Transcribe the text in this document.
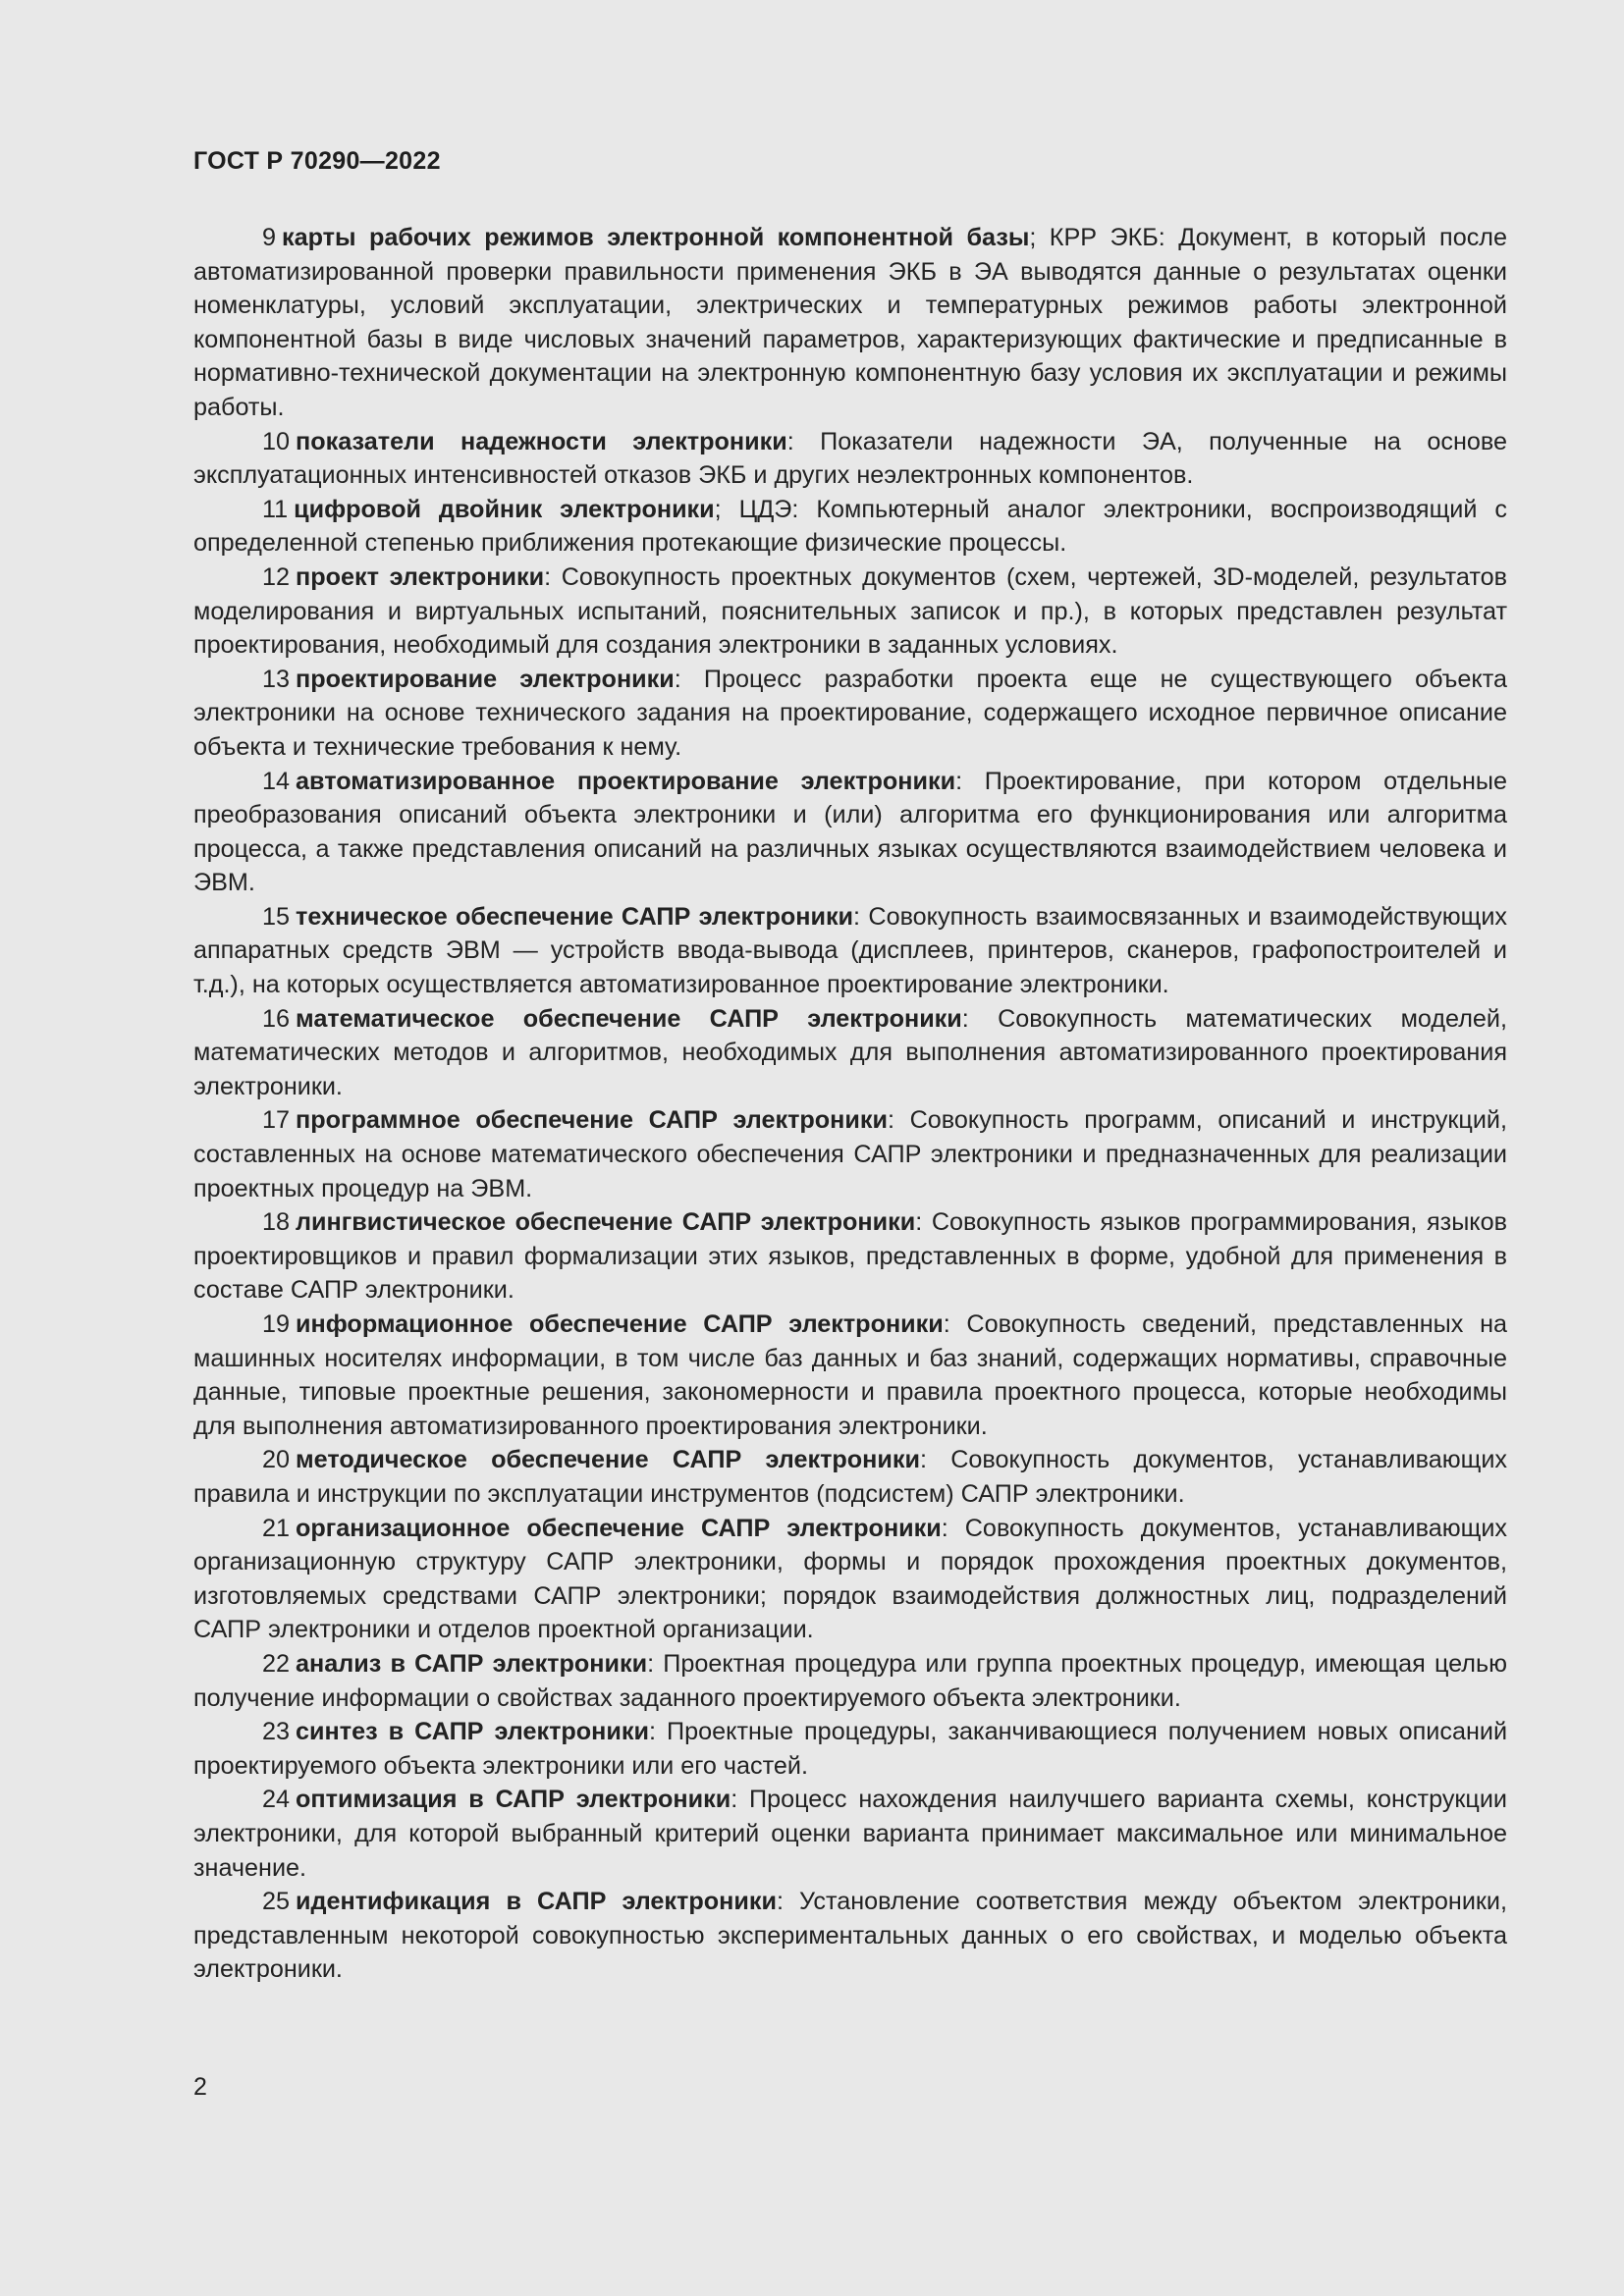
ГОСТ Р 70290—2022

9 карты рабочих режимов электронной компонентной базы; КРР ЭКБ: Документ, в который после автоматизированной проверки правильности применения ЭКБ в ЭА выводятся данные о результатах оценки номенклатуры, условий эксплуатации, электрических и температурных режимов работы электронной компонентной базы в виде числовых значений параметров, характеризующих фактические и предписанные в нормативно-технической документации на электронную компонентную базу условия их эксплуатации и режимы работы.

10 показатели надежности электроники: Показатели надежности ЭА, полученные на основе эксплуатационных интенсивностей отказов ЭКБ и других неэлектронных компонентов.

11 цифровой двойник электроники; ЦДЭ: Компьютерный аналог электроники, воспроизводящий с определенной степенью приближения протекающие физические процессы.

12 проект электроники: Совокупность проектных документов (схем, чертежей, 3D-моделей, результатов моделирования и виртуальных испытаний, пояснительных записок и пр.), в которых представлен результат проектирования, необходимый для создания электроники в заданных условиях.

13 проектирование электроники: Процесс разработки проекта еще не существующего объекта электроники на основе технического задания на проектирование, содержащего исходное первичное описание объекта и технические требования к нему.

14 автоматизированное проектирование электроники: Проектирование, при котором отдельные преобразования описаний объекта электроники и (или) алгоритма его функционирования или алгоритма процесса, а также представления описаний на различных языках осуществляются взаимодействием человека и ЭВМ.

15 техническое обеспечение САПР электроники: Совокупность взаимосвязанных и взаимодействующих аппаратных средств ЭВМ — устройств ввода-вывода (дисплеев, принтеров, сканеров, графопостроителей и т.д.), на которых осуществляется автоматизированное проектирование электроники.

16 математическое обеспечение САПР электроники: Совокупность математических моделей, математических методов и алгоритмов, необходимых для выполнения автоматизированного проектирования электроники.

17 программное обеспечение САПР электроники: Совокупность программ, описаний и инструкций, составленных на основе математического обеспечения САПР электроники и предназначенных для реализации проектных процедур на ЭВМ.

18 лингвистическое обеспечение САПР электроники: Совокупность языков программирования, языков проектировщиков и правил формализации этих языков, представленных в форме, удобной для применения в составе САПР электроники.

19 информационное обеспечение САПР электроники: Совокупность сведений, представленных на машинных носителях информации, в том числе баз данных и баз знаний, содержащих нормативы, справочные данные, типовые проектные решения, закономерности и правила проектного процесса, которые необходимы для выполнения автоматизированного проектирования электроники.

20 методическое обеспечение САПР электроники: Совокупность документов, устанавливающих правила и инструкции по эксплуатации инструментов (подсистем) САПР электроники.

21 организационное обеспечение САПР электроники: Совокупность документов, устанавливающих организационную структуру САПР электроники, формы и порядок прохождения проектных документов, изготовляемых средствами САПР электроники; порядок взаимодействия должностных лиц, подразделений САПР электроники и отделов проектной организации.

22 анализ в САПР электроники: Проектная процедура или группа проектных процедур, имеющая целью получение информации о свойствах заданного проектируемого объекта электроники.

23 синтез в САПР электроники: Проектные процедуры, заканчивающиеся получением новых описаний проектируемого объекта электроники или его частей.

24 оптимизация в САПР электроники: Процесс нахождения наилучшего варианта схемы, конструкции электроники, для которой выбранный критерий оценки варианта принимает максимальное или минимальное значение.

25 идентификация в САПР электроники: Установление соответствия между объектом электроники, представленным некоторой совокупностью экспериментальных данных о его свойствах, и моделью объекта электроники.

2
